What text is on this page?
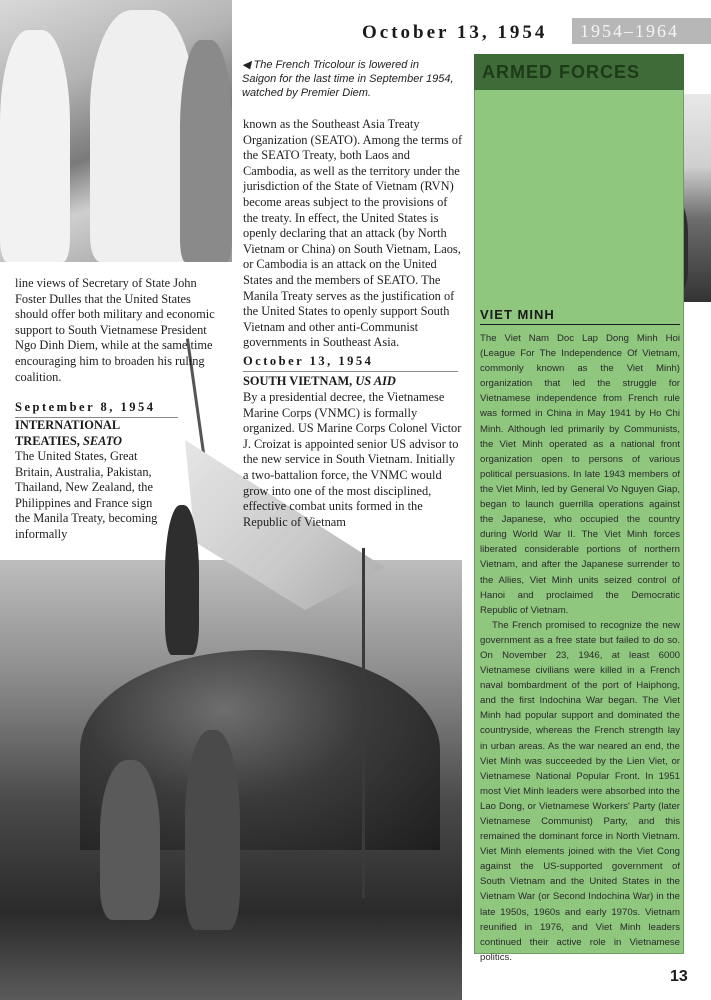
October 13, 1954	1954–1964
◀ The French Tricolour is lowered in Saigon for the last time in September 1954, watched by Premier Diem.
known as the Southeast Asia Treaty Organization (SEATO). Among the terms of the SEATO Treaty, both Laos and Cambodia, as well as the territory under the jurisdiction of the State of Vietnam (RVN) become areas subject to the provisions of the treaty. In effect, the United States is openly declaring that an attack (by North Vietnam or China) on South Vietnam, Laos, or Cambodia is an attack on the United States and the members of SEATO. The Manila Treaty serves as the justification of the United States to openly support South Vietnam and other anti-Communist governments in Southeast Asia.
line views of Secretary of State John Foster Dulles that the United States should offer both military and economic support to South Vietnamese President Ngo Dinh Diem, while at the same time encouraging him to broaden his ruling coalition.
September 8, 1954
INTERNATIONAL TREATIES, SEATO
The United States, Great Britain, Australia, Pakistan, Thailand, New Zealand, the Philippines and France sign the Manila Treaty, becoming informally
October 13, 1954
SOUTH VIETNAM, US AID
By a presidential decree, the Vietnamese Marine Corps (VNMC) is formally organized. US Marine Corps Colonel Victor J. Croizat is appointed senior US advisor to the new service in South Vietnam. Initially a two-battalion force, the VNMC would grow into one of the most disciplined, effective combat units formed in the Republic of Vietnam
ARMED FORCES
VIET MINH

The Viet Nam Doc Lap Dong Minh Hoi (League For The Independence Of Vietnam, commonly known as the Viet Minh) organization that led the struggle for Vietnamese independence from French rule was formed in China in May 1941 by Ho Chi Minh. Although led primarily by Communists, the Viet Minh operated as a national front organization open to persons of various political persuasions. In late 1943 members of the Viet Minh, led by General Vo Nguyen Giap, began to launch guerrilla operations against the Japanese, who occupied the country during World War II. The Viet Minh forces liberated considerable portions of northern Vietnam, and after the Japanese surrender to the Allies, Viet Minh units seized control of Hanoi and proclaimed the Democratic Republic of Vietnam.

The French promised to recognize the new government as a free state but failed to do so. On November 23, 1946, at least 6000 Vietnamese civilians were killed in a French naval bombardment of the port of Haiphong, and the first Indochina War began. The Viet Minh had popular support and dominated the countryside, whereas the French strength lay in urban areas. As the war neared an end, the Viet Minh was succeeded by the Lien Viet, or Vietnamese National Popular Front. In 1951 most Viet Minh leaders were absorbed into the Lao Dong, or Vietnamese Workers' Party (later Vietnamese Communist) Party, and this remained the dominant force in North Vietnam. Viet Minh elements joined with the Viet Cong against the US-supported government of South Vietnam and the United States in the Vietnam War (or Second Indochina War) in the late 1950s, 1960s and early 1970s. Vietnam reunified in 1976, and Viet Minh leaders continued their active role in Vietnamese politics.

13
